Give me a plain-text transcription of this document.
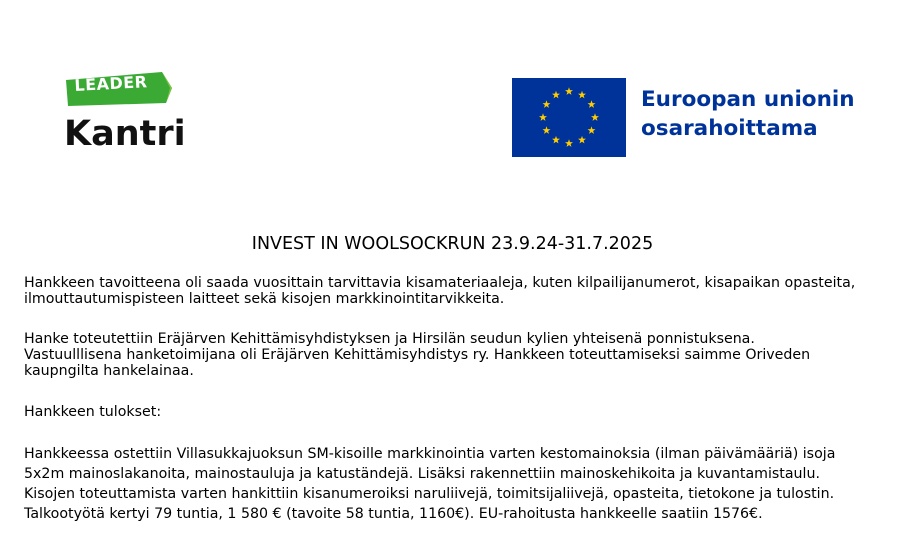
LEADER
Kantri
Euroopan unionin
osarahoittama
INVEST IN WOOLSOCKRUN 23.9.24-31.7.2025
Hankkeen tavoitteena oli saada vuosittain tarvittavia kisamateriaaleja, kuten kilpailijanumerot, kisapaikan opasteita,
ilmouttautumispisteen laitteet sekä kisojen markkinointitarvikkeita.
Hanke toteutettiin Eräjärven Kehittämisyhdistyksen ja Hirsilän seudun kylien yhteisenä ponnistuksena.
Vastuulllisena hanketoimijana oli Eräjärven Kehittämisyhdistys ry. Hankkeen toteuttamiseksi saimme Oriveden
kaupngilta hankelainaa.
Hankkeen tulokset:
Hankkeessa ostettiin Villasukkajuoksun SM-kisoille markkinointia varten kestomainoksia (ilman päivämääriä) isoja
5x2m mainoslakanoita, mainostauluja ja katuständejä. Lisäksi rakennettiin mainoskehikoita ja kuvantamistaulu.
Kisojen toteuttamista varten hankittiin kisanumeroiksi naruliivejä, toimitsijaliivejä, opasteita, tietokone ja tulostin.
Talkootyötä kertyi 79 tuntia, 1 580 € (tavoite 58 tuntia, 1160€). EU-rahoitusta hankkeelle saatiin 1576€.
